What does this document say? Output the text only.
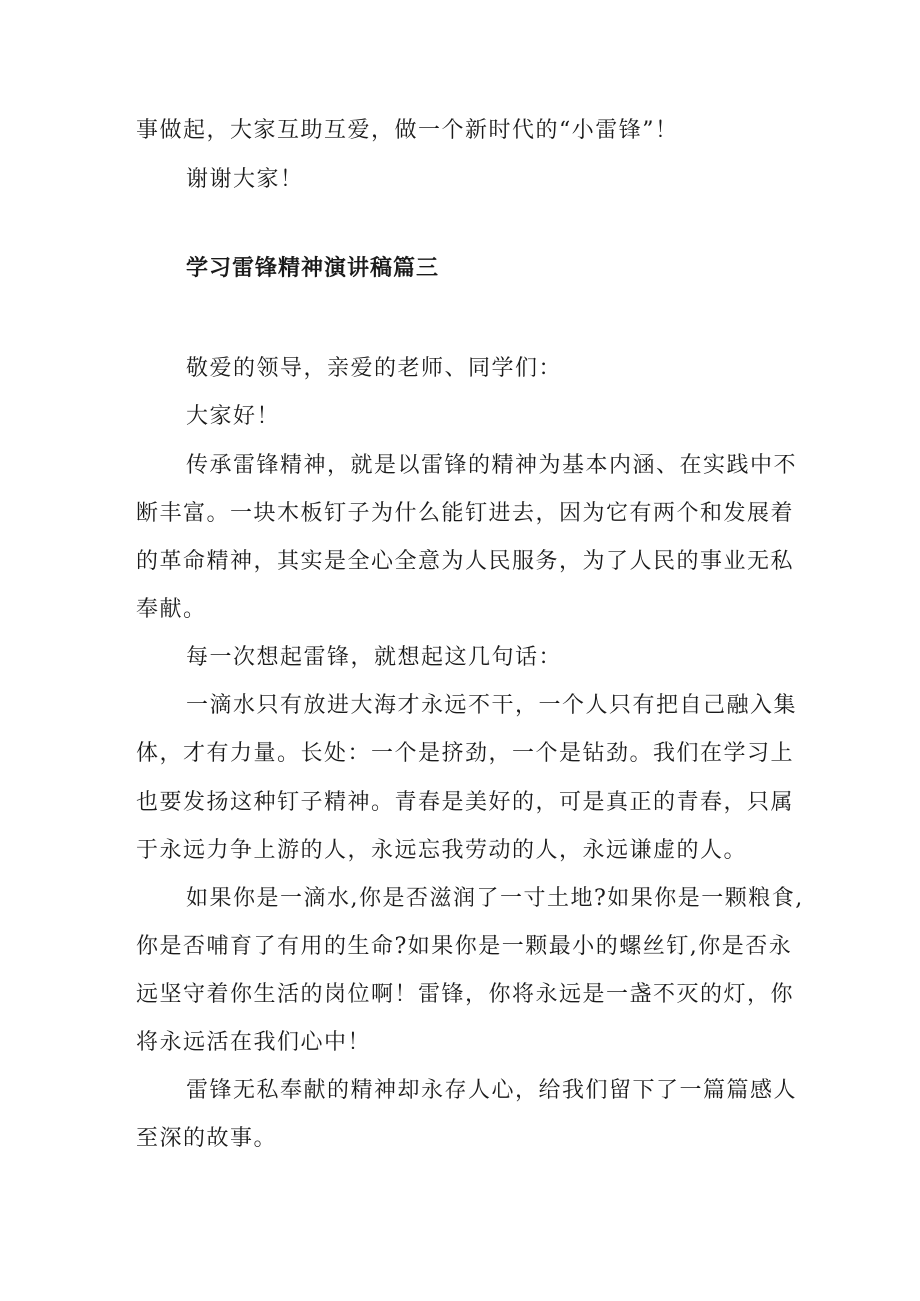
事做起，大家互助互爱，做一个新时代的“小雷锋”！
谢谢大家！
学习雷锋精神演讲稿篇三
敬爱的领导，亲爱的老师、同学们：
大家好！
传承雷锋精神，就是以雷锋的精神为基本内涵、在实践中不
断丰富。一块木板钉子为什么能钉进去，因为它有两个和发展着
的革命精神，其实是全心全意为人民服务，为了人民的事业无私
奉献。
每一次想起雷锋，就想起这几句话：
一滴水只有放进大海才永远不干，一个人只有把自己融入集
体，才有力量。长处：一个是挤劲，一个是钻劲。我们在学习上
也要发扬这种钉子精神。青春是美好的，可是真正的青春，只属
于永远力争上游的人，永远忘我劳动的人，永远谦虚的人。
如果你是一滴水,你是否滋润了一寸土地?如果你是一颗粮食,
你是否哺育了有用的生命?如果你是一颗最小的螺丝钉,你是否永
远坚守着你生活的岗位啊！雷锋，你将永远是一盏不灭的灯，你
将永远活在我们心中！
雷锋无私奉献的精神却永存人心，给我们留下了一篇篇感人
至深的故事。
